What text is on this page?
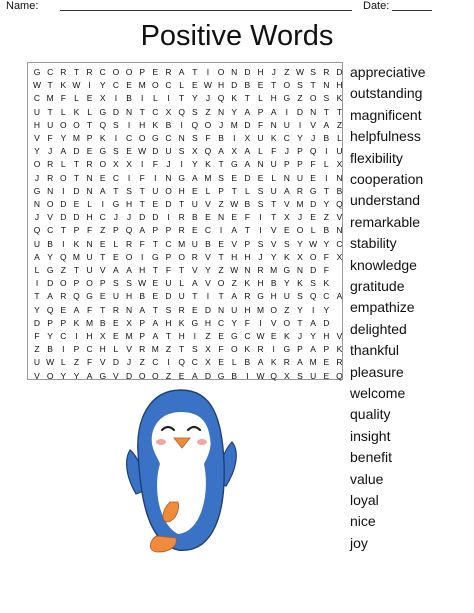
Name:	Date:
Positive Words
G C R T R C O O P E R A T	I	O N D H J Z W S R D
W T K W I	Y C E M O C L E W H D B E T O S T N H
C M F L E X	I	B	I	L	I	T Y J Q K T L H G Z O S K
U T L K L G D N T C X Q S Z N Y A P A	I	D N T T
H U O O T Q S	I	H K B	I	Q O J M D F N U	I	V A Z
V F Y M P K	I	C O G C N S F B	I	X U K C Y J B L
Y J A D E G S E W D U S X Q A X A L F J P Q	I	U
O R L T R O X X	I	F J	I	Y K T G A N U P P F L X
J R O T N E C	I	F	I	N G A M S E D E L N U E	I	N
G N	I	D N A T S T U O H E L P T L S U A R G T B
N O D E L	I	G H T E D T U V Z W B S T V M D Y Q
J V D D H C J	J D D	I	R B E N E F	I	T X J E Z V
Q C T P F Z P Q A P P R E C	I	A T	I	V E O L B N
U B	I	K N E L R F T C M U B E V P S V S Y W Y C
A Y Q M U T E O	I	G P O R V T H H J Y K X O F X
L G Z T U V A A H T F T V Y Z W N R M G N D F
I	D O P O P S S W E U L A V O Z K H B Y K S K
T A R Q G E U H B E D U T	I	T A R G H U S Q C A
Y Q E A F T R N A T S R E D N U H M O Z Y	I	Y
D P P K M B E X P A H K G H C Y F	I	V O T A D
F Y C	I	H X E M P A T H	I	Z E G C W E K J Y H V
Z B	I	P C H L V R M Z T S X F O K R	I	G P A P K
U W L Z F V D J Z C	I	Q C X E L B A K R A M E R
V O Y Y A G V D O O Z E A D G B	I W Q X S U E Q
appreciative
outstanding
magnificent
helpfulness
flexibility
cooperation
understand
remarkable
stability
knowledge
gratitude
empathize
delighted
thankful
pleasure
welcome
quality
insight
benefit
value
loyal
nice
joy
